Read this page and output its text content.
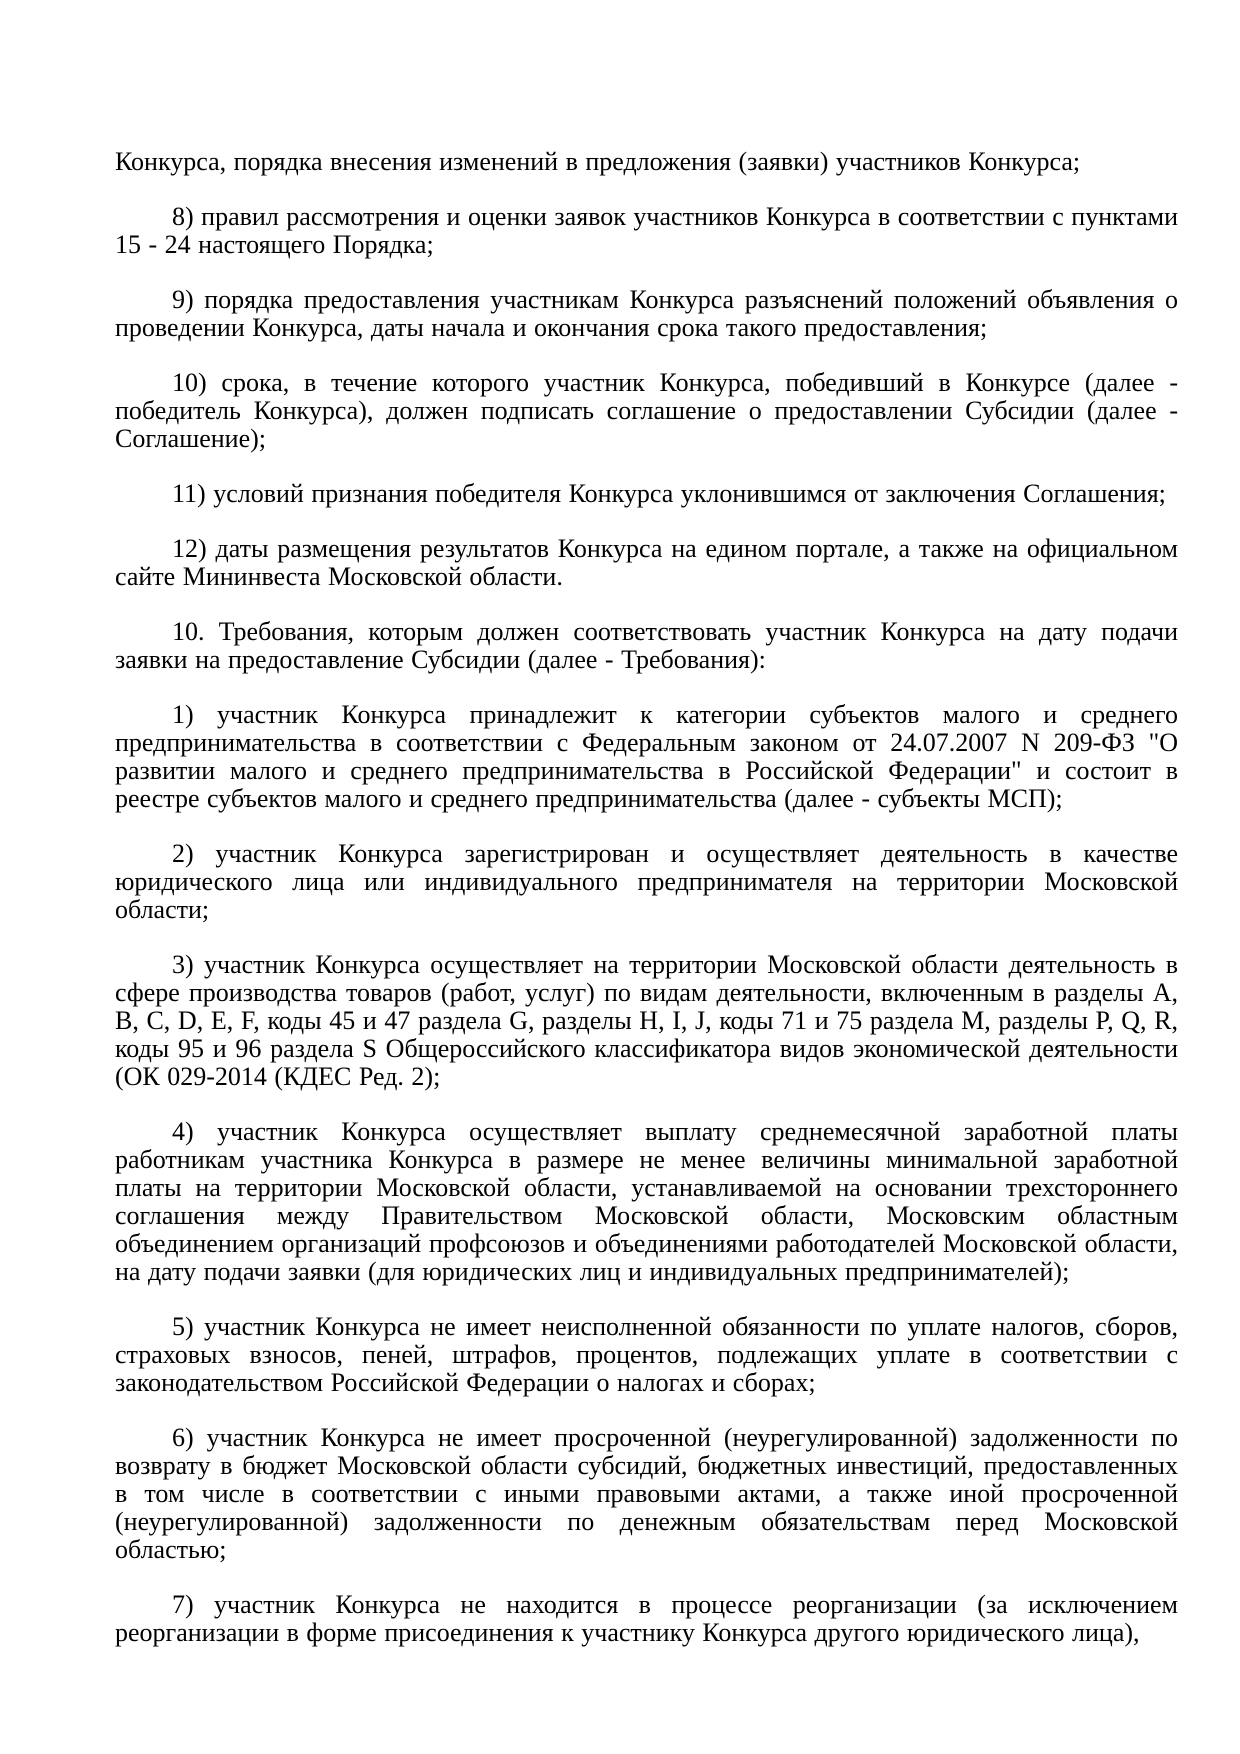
Конкурса, порядка внесения изменений в предложения (заявки) участников Конкурса;

8) правил рассмотрения и оценки заявок участников Конкурса в соответствии с пунктами 15 - 24 настоящего Порядка;

9) порядка предоставления участникам Конкурса разъяснений положений объявления о проведении Конкурса, даты начала и окончания срока такого предоставления;

10) срока, в течение которого участник Конкурса, победивший в Конкурсе (далее - победитель Конкурса), должен подписать соглашение о предоставлении Субсидии (далее - Соглашение);

11) условий признания победителя Конкурса уклонившимся от заключения Соглашения;

12) даты размещения результатов Конкурса на едином портале, а также на официальном сайте Мининвеста Московской области.

10. Требования, которым должен соответствовать участник Конкурса на дату подачи заявки на предоставление Субсидии (далее - Требования):

1) участник Конкурса принадлежит к категории субъектов малого и среднего предпринимательства в соответствии с Федеральным законом от 24.07.2007 N 209-ФЗ "О развитии малого и среднего предпринимательства в Российской Федерации" и состоит в реестре субъектов малого и среднего предпринимательства (далее - субъекты МСП);

2) участник Конкурса зарегистрирован и осуществляет деятельность в качестве юридического лица или индивидуального предпринимателя на территории Московской области;

3) участник Конкурса осуществляет на территории Московской области деятельность в сфере производства товаров (работ, услуг) по видам деятельности, включенным в разделы A, B, C, D, E, F, коды 45 и 47 раздела G, разделы H, I, J, коды 71 и 75 раздела M, разделы P, Q, R, коды 95 и 96 раздела S Общероссийского классификатора видов экономической деятельности (ОК 029-2014 (КДЕС Ред. 2);

4) участник Конкурса осуществляет выплату среднемесячной заработной платы работникам участника Конкурса в размере не менее величины минимальной заработной платы на территории Московской области, устанавливаемой на основании трехстороннего соглашения между Правительством Московской области, Московским областным объединением организаций профсоюзов и объединениями работодателей Московской области, на дату подачи заявки (для юридических лиц и индивидуальных предпринимателей);

5) участник Конкурса не имеет неисполненной обязанности по уплате налогов, сборов, страховых взносов, пеней, штрафов, процентов, подлежащих уплате в соответствии с законодательством Российской Федерации о налогах и сборах;

6) участник Конкурса не имеет просроченной (неурегулированной) задолженности по возврату в бюджет Московской области субсидий, бюджетных инвестиций, предоставленных в том числе в соответствии с иными правовыми актами, а также иной просроченной (неурегулированной) задолженности по денежным обязательствам перед Московской областью;

7) участник Конкурса не находится в процессе реорганизации (за исключением реорганизации в форме присоединения к участнику Конкурса другого юридического лица),
